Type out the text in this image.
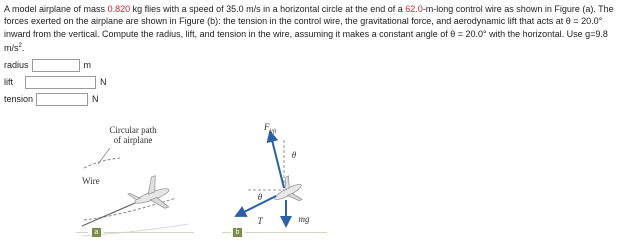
A model airplane of mass 0.820 kg flies with a speed of 35.0 m/s in a horizontal circle at the end of a 62.0-m-long control wire as shown in Figure (a). The forces exerted on the airplane are shown in Figure (b): the tension in the control wire, the gravitational force, and aerodynamic lift that acts at θ = 20.0° inward from the vertical. Compute the radius, lift, and tension in the wire, assuming it makes a constant angle of θ = 20.0° with the horizontal. Use g=9.8 $m/s^2$.
radius	m
lift	N
tension	N
Circular path
of airplane
Wire
a
$F_{lift}$
θ
θ
T	mg
b
